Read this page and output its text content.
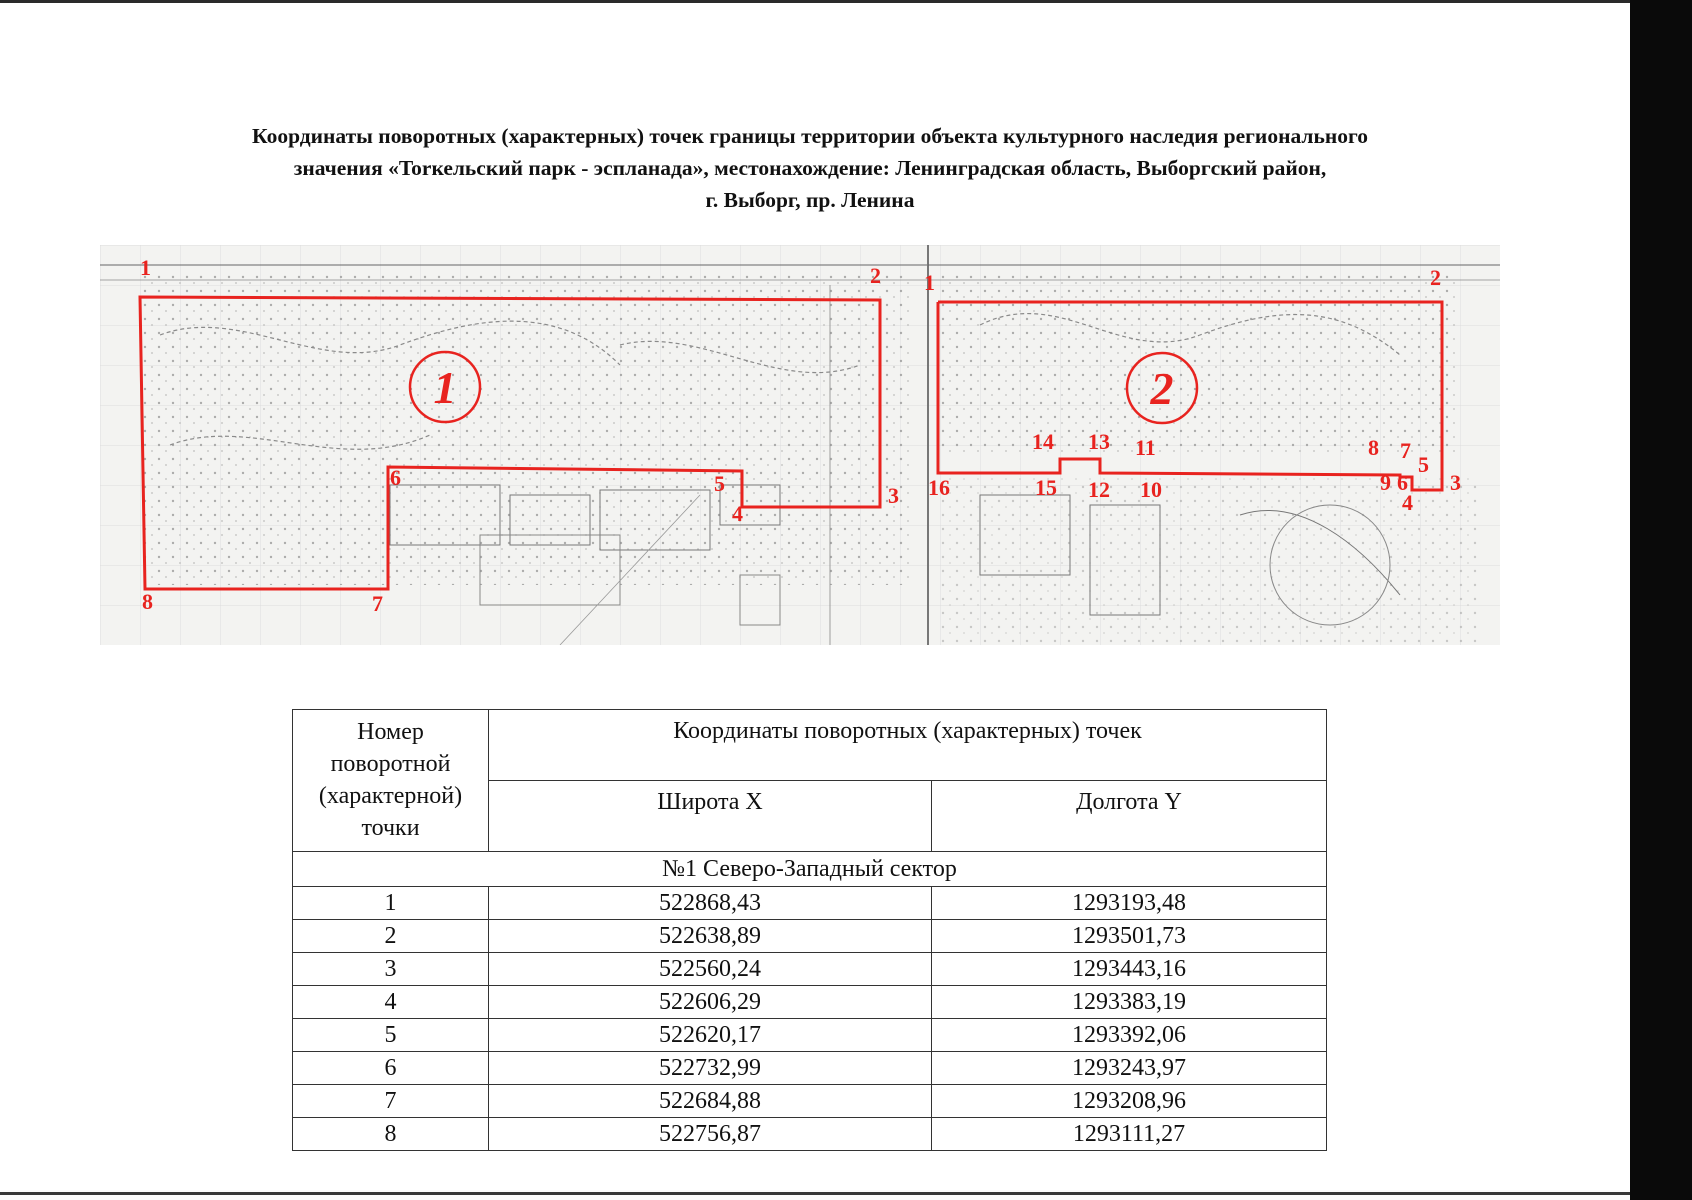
Координаты поворотных (характерных) точек границы территории объекта культурного наследия регионального
значения «Torкельский парк - эспланада», местонахождение: Ленинградская область, Выборгский район,
г. Выборг, пр. Ленина
1	2
1	2
3
4
5
6
7
8
1	2
3
4
5
6
7
8
9
10
11
12
13
14
15
16
Номер
поворотной
(характерной)
точки	Координаты поворотных (характерных) точек	
	Широта X	Долгота Y
№1 Северо-Западный сектор		
1	522868,43	1293193,48
2	522638,89	1293501,73
3	522560,24	1293443,16
4	522606,29	1293383,19
5	522620,17	1293392,06
6	522732,99	1293243,97
7	522684,88	1293208,96
8	522756,87	1293111,27
